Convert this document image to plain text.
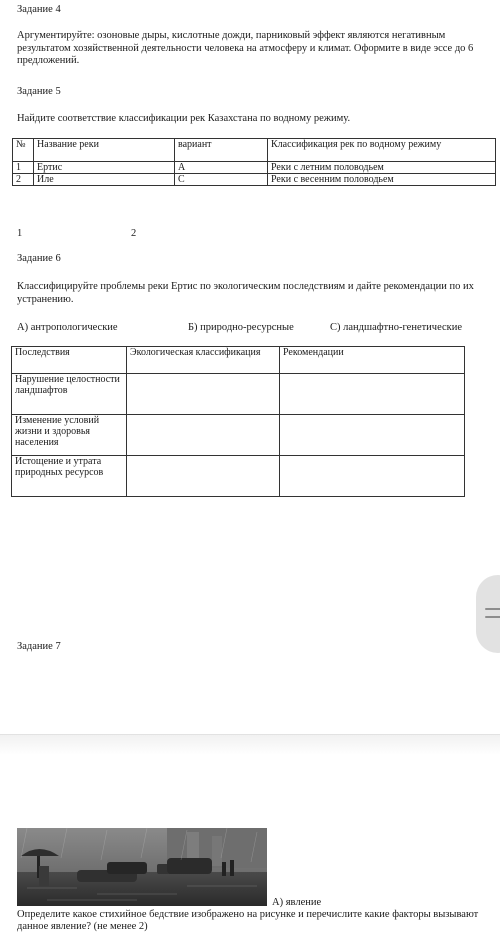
Задание 4
Аргументируйте: озоновые дыры, кислотные дожди, парниковый эффект являются негативным результатом хозяйственной деятельности человека на атмосферу и климат. Оформите в виде эссе до 6 предложений.
Задание 5
Найдите соответствие классификации рек Казахстана по водному режиму.
№	Название реки	вариант	Классификация рек по водному режиму
1	Ертис	A	Реки с летним половодьем
2	Иле	C	Реки с весенним половодьем
1	2
Задание 6
Классифицируйте проблемы реки Ертис по экологическим последствиям и дайте рекомендации по их устранению.
А) антропологические	Б) природно-ресурсные	С) ландшафтно-генетические
Последствия	Экологическая классификация	Рекомендации
Нарушение целостности ландшафтов		
Изменение условий жизни и здоровья населения		
Истощение и утрата природных ресурсов		
Задание 7
А) явление
Определите какое стихийное бедствие изображено на рисунке и перечислите какие факторы вызывают данное явление? (не менее 2)
